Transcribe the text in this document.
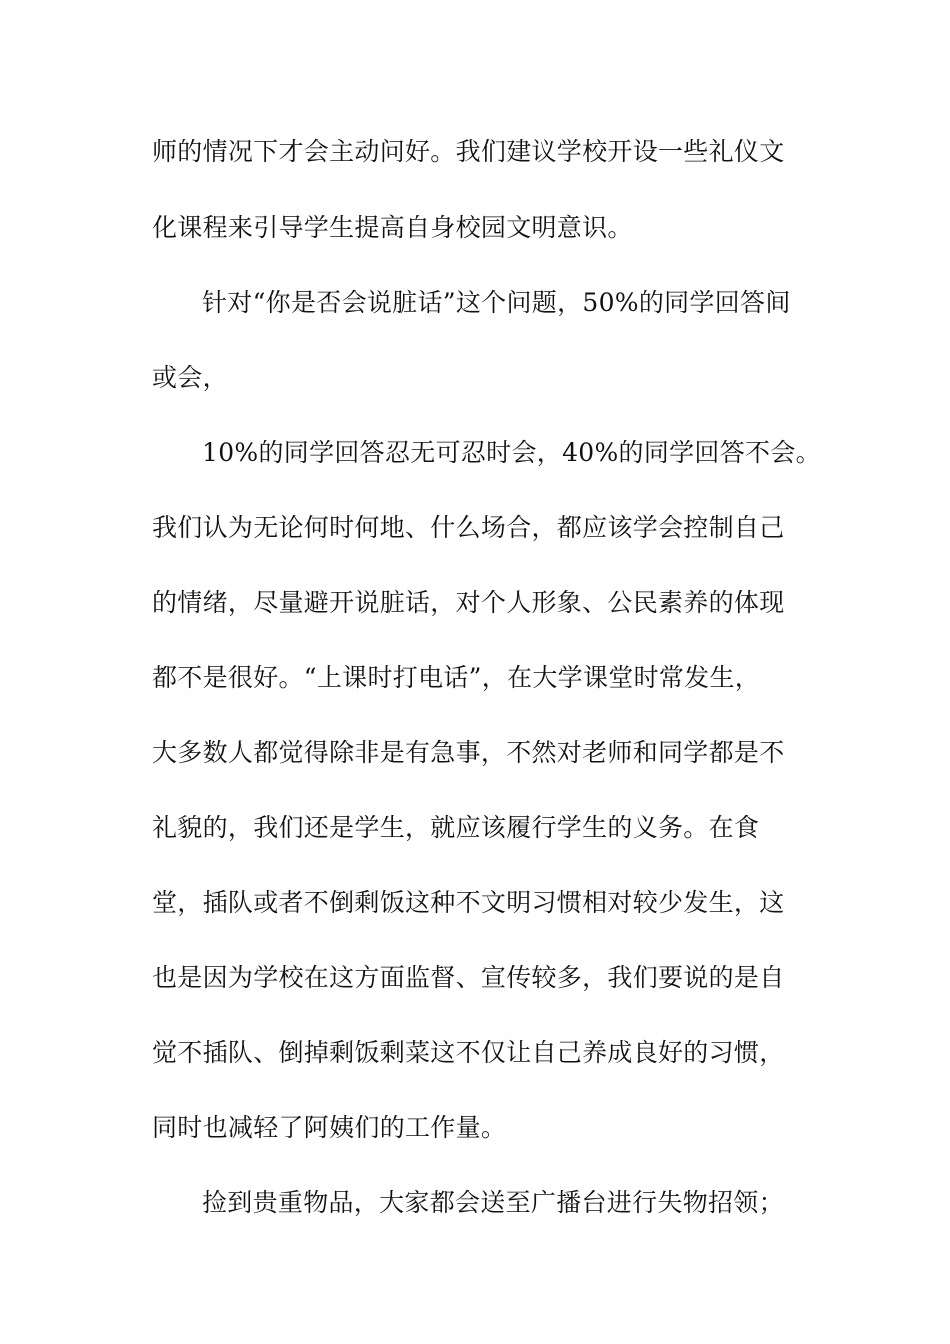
师的情况下才会主动问好。我们建议学校开设一些礼仪文
化课程来引导学生提高自身校园文明意识。
针对“你是否会说脏话”这个问题，50%的同学回答间
或会，
10%的同学回答忍无可忍时会，40%的同学回答不会。
我们认为无论何时何地、什么场合，都应该学会控制自己
的情绪，尽量避开说脏话，对个人形象、公民素养的体现
都不是很好。“上课时打电话”，在大学课堂时常发生，
大多数人都觉得除非是有急事，不然对老师和同学都是不
礼貌的，我们还是学生，就应该履行学生的义务。在食
堂，插队或者不倒剩饭这种不文明习惯相对较少发生，这
也是因为学校在这方面监督、宣传较多，我们要说的是自
觉不插队、倒掉剩饭剩菜这不仅让自己养成良好的习惯，
同时也减轻了阿姨们的工作量。
捡到贵重物品，大家都会送至广播台进行失物招领；
